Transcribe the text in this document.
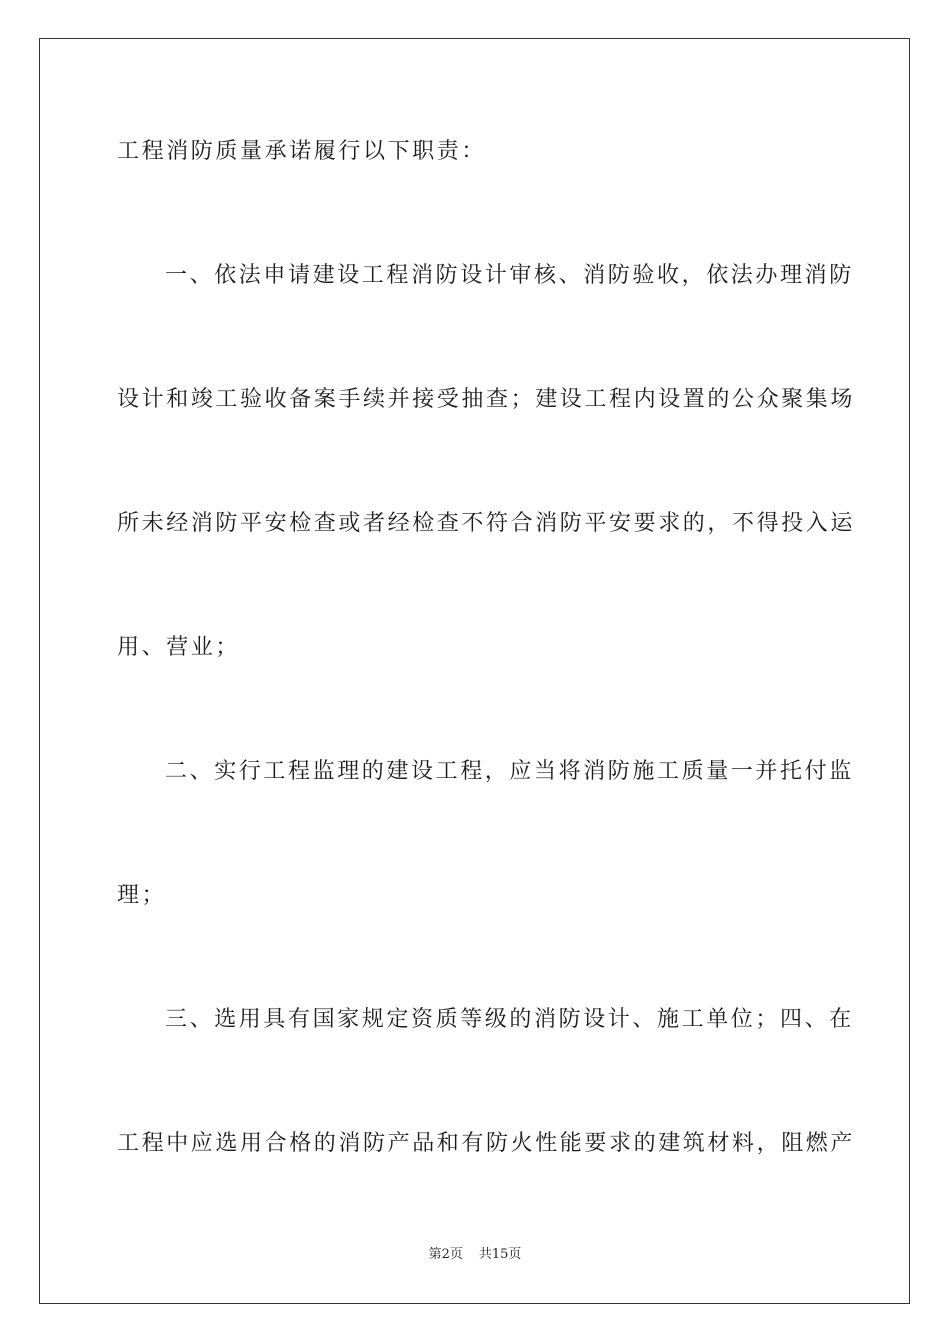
工程消防质量承诺履行以下职责：
一、依法申请建设工程消防设计审核、消防验收，依法办理消防
设计和竣工验收备案手续并接受抽查；建设工程内设置的公众聚集场
所未经消防平安检查或者经检查不符合消防平安要求的，不得投入运
用、营业；
二、实行工程监理的建设工程，应当将消防施工质量一并托付监
理；
三、选用具有国家规定资质等级的消防设计、施工单位；四、在
工程中应选用合格的消防产品和有防火性能要求的建筑材料，阻燃产
第2页 共15页
